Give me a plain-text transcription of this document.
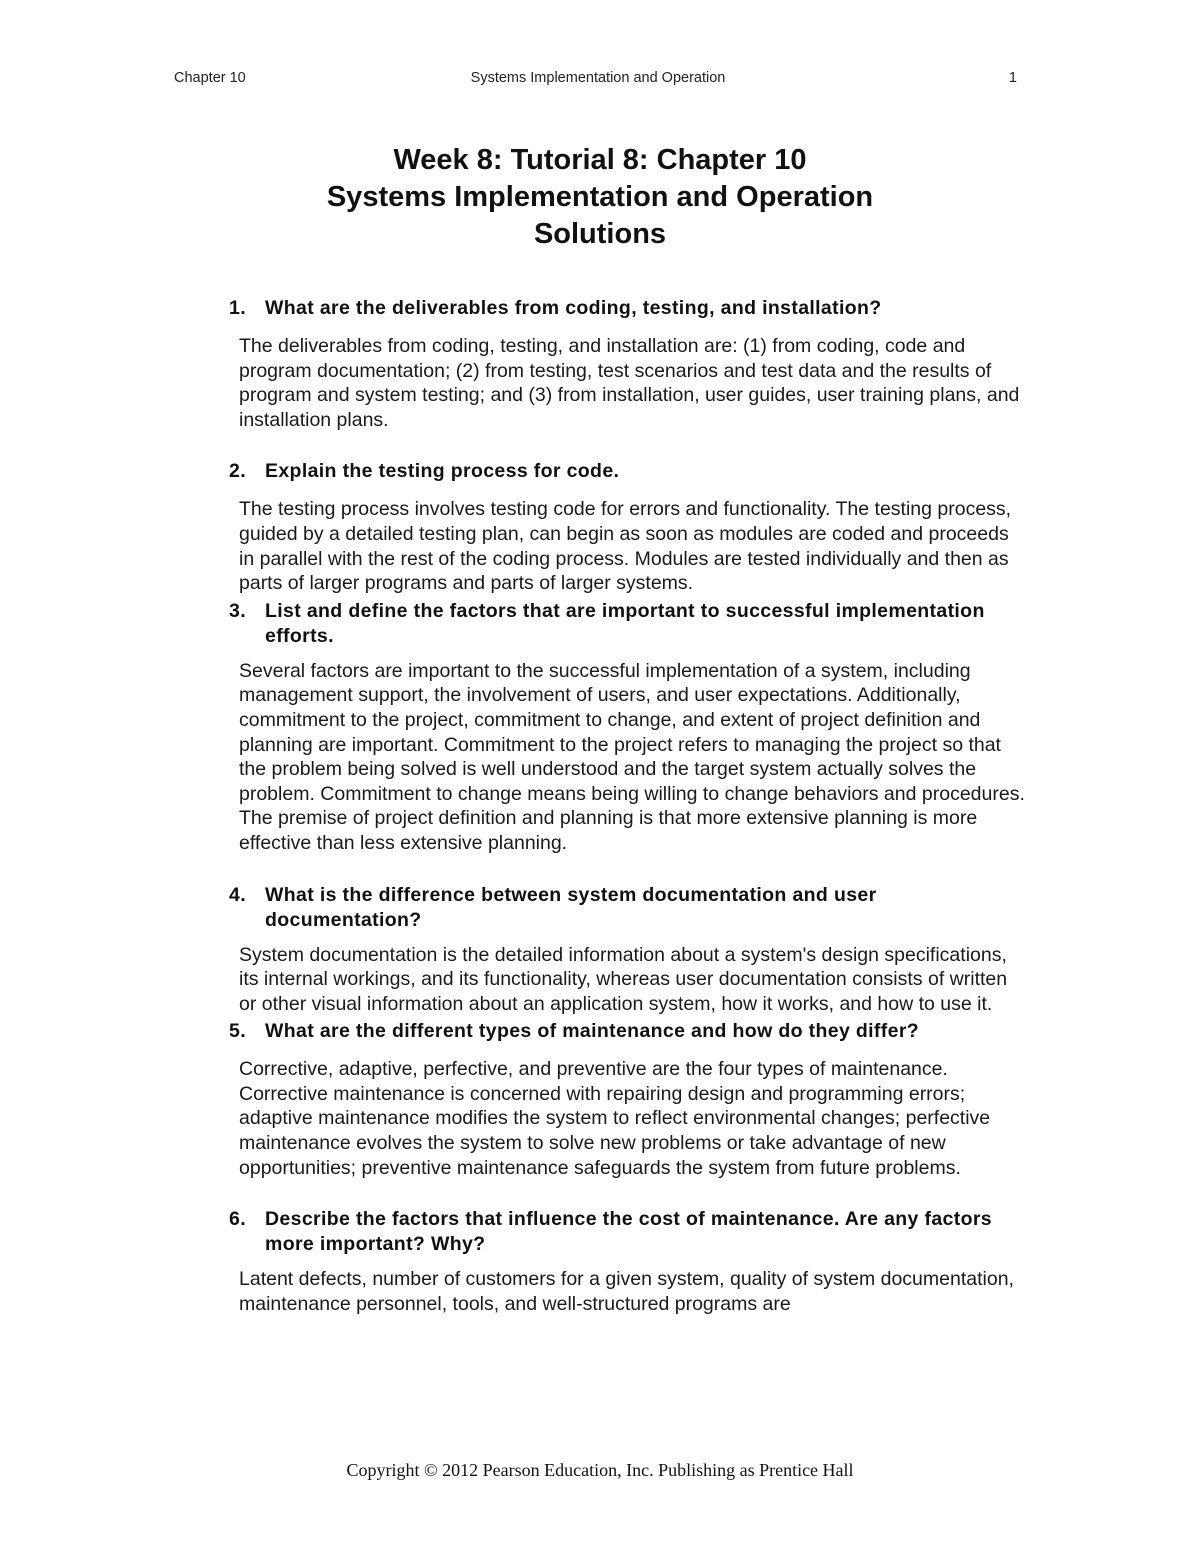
Chapter 10	Systems Implementation and Operation	1
Week 8: Tutorial 8: Chapter 10
Systems Implementation and Operation
Solutions
1. What are the deliverables from coding, testing, and installation?

The deliverables from coding, testing, and installation are: (1) from coding, code and program documentation; (2) from testing, test scenarios and test data and the results of program and system testing; and (3) from installation, user guides, user training plans, and installation plans.

2. Explain the testing process for code.

The testing process involves testing code for errors and functionality. The testing process, guided by a detailed testing plan, can begin as soon as modules are coded and proceeds in parallel with the rest of the coding process. Modules are tested individually and then as parts of larger programs and parts of larger systems.

3. List and define the factors that are important to successful implementation efforts.

Several factors are important to the successful implementation of a system, including management support, the involvement of users, and user expectations. Additionally, commitment to the project, commitment to change, and extent of project definition and planning are important. Commitment to the project refers to managing the project so that the problem being solved is well understood and the target system actually solves the problem. Commitment to change means being willing to change behaviors and procedures. The premise of project definition and planning is that more extensive planning is more effective than less extensive planning.

4. What is the difference between system documentation and user documentation?

System documentation is the detailed information about a system's design specifications, its internal workings, and its functionality, whereas user documentation consists of written or other visual information about an application system, how it works, and how to use it.

5. What are the different types of maintenance and how do they differ?

Corrective, adaptive, perfective, and preventive are the four types of maintenance. Corrective maintenance is concerned with repairing design and programming errors; adaptive maintenance modifies the system to reflect environmental changes; perfective maintenance evolves the system to solve new problems or take advantage of new opportunities; preventive maintenance safeguards the system from future problems.

6. Describe the factors that influence the cost of maintenance. Are any factors more important? Why?

Latent defects, number of customers for a given system, quality of system documentation, maintenance personnel, tools, and well-structured programs are

Copyright © 2012 Pearson Education, Inc. Publishing as Prentice Hall
